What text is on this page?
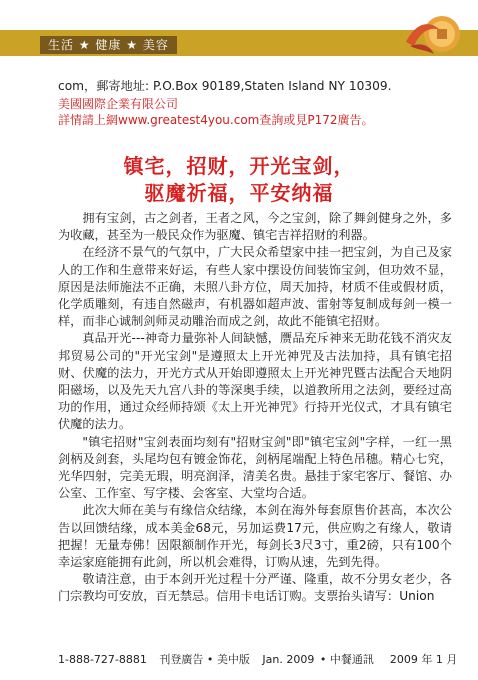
生活 ★ 健康 ★ 美容
com，郵寄地址: P.O.Box 90189,Staten Island NY 10309.
美國國際企業有限公司
詳情請上網www.greatest4you.com查詢或見P172廣告。
镇宅，招财，开光宝剑，
驱魔祈福，平安纳福

拥有宝剑，古之剑者，王者之风，今之宝剑，除了舞剑健身之外，多为收藏，甚至为一般民众作为驱魔、镇宅吉祥招财的利器。

在经济不景气的气氛中，广大民众希望家中挂一把宝剑，为自己及家人的工作和生意带来好运，有些人家中摆设仿间装饰宝剑，但功效不显，原因是法师施法不正确，未照八卦方位，周天加持，材质不佳或假材质，化学质雕刻，有违自然磁声，有机器如超声波、雷射等复制成每剑一模一样，而非心诚制剑师灵动雕治而成之剑，故此不能镇宅招财。

真品开光---神奇力量弥补人间缺憾，赝品充斥神来无助花钱不消灾友邦贸易公司的"开光宝剑"是遵照太上开光神咒及古法加持，具有镇宅招财、伏魔的法力，开光方式从开始即遵照太上开光神咒暨古法配合天地阴阳磁场，以及先天九宫八卦的等深奥手续，以道教所用之法剑，要经过高功的作用，通过众经师持颂《太上开光神咒》行持开光仪式，才具有镇宅伏魔的法力。

"镇宅招财"宝剑表面均刻有"招财宝剑"即"镇宅宝剑"字样，一红一黑剑柄及剑套，头尾均包有镀金饰花，剑柄尾端配上特色吊穗。精心七究，光华四射，完美无瑕，明亮润泽，清美名贵。悬挂于家宅客厅、餐馆、办公室、工作室、写字楼、会客室、大堂均合适。

此次大师在美与有缘信众结缘，本剑在海外每套原售价甚高，本次公告以回馈结缘，成本美金68元，另加运费17元，供应购之有缘人，敬请把握！无量寿佛！因限额制作开光，每剑长3尺3寸，重2磅，只有100个幸运家庭能拥有此剑，所以机会难得，订购从速，先到先得。

敬请注意，由于本剑开光过程十分严谨、隆重，故不分男女老少，各门宗教均可安放，百无禁忌。信用卡电话订购。支票抬头请写：Union

1-888-727-8881 刊登廣告 • 美中版 Jan. 2009 • 中餐通訊 2009 年 1 月
